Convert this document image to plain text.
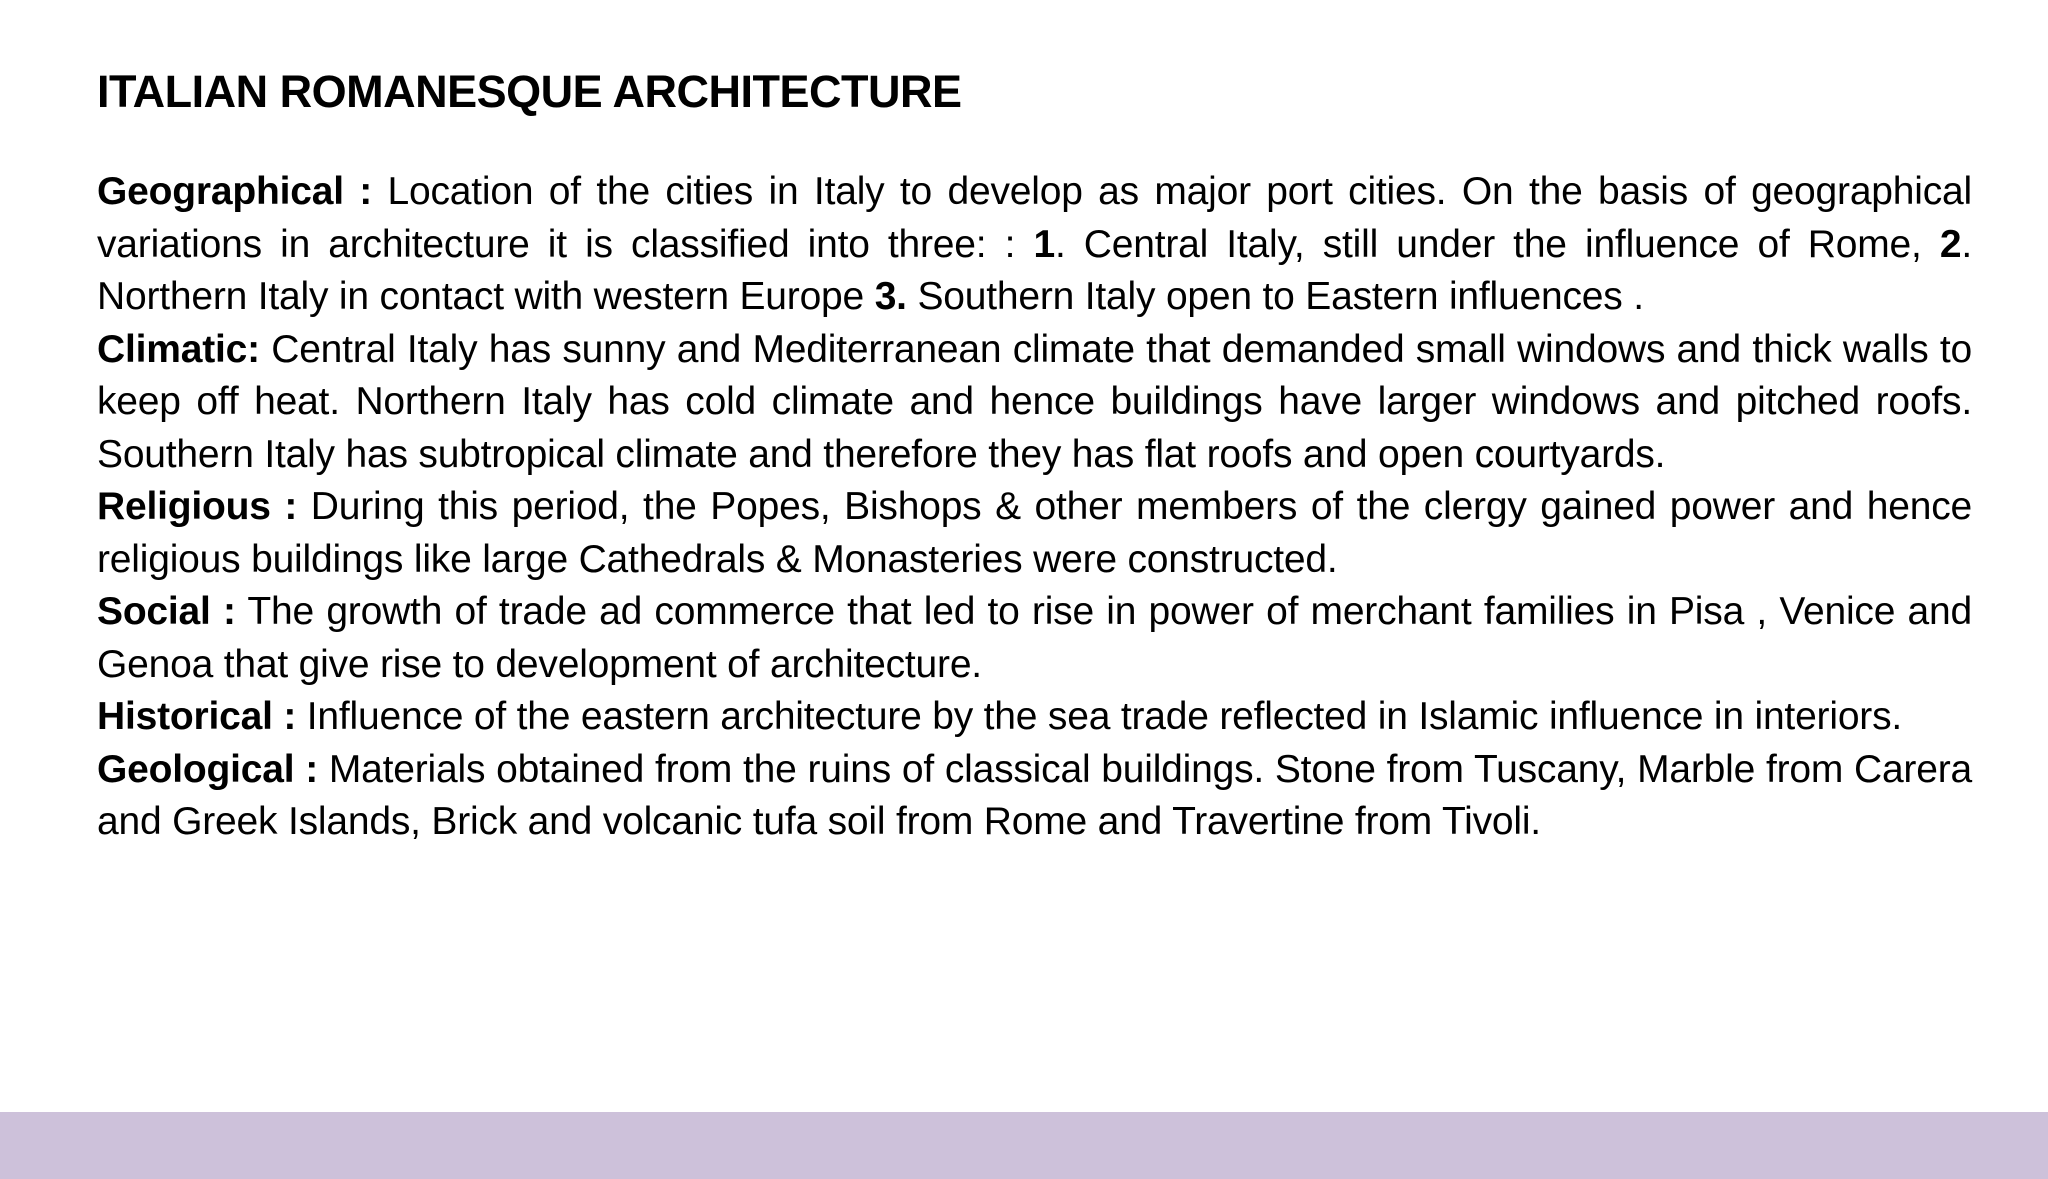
ITALIAN ROMANESQUE ARCHITECTURE

Geographical : Location of the cities in Italy to develop as major port cities. On the basis of geographical variations in architecture it is classified into three: : 1. Central Italy, still under the influence of Rome, 2. Northern Italy in contact with western Europe 3. Southern Italy open to Eastern influences .

Climatic: Central Italy has sunny and Mediterranean climate that demanded small windows and thick walls to keep off heat. Northern Italy has cold climate and hence buildings have larger windows and pitched roofs. Southern Italy has subtropical climate and therefore they has flat roofs and open courtyards.

Religious : During this period, the Popes, Bishops & other members of the clergy gained power and hence religious buildings like large Cathedrals & Monasteries were constructed.

Social : The growth of trade ad commerce that led to rise in power of merchant families in Pisa , Venice and Genoa that give rise to development of architecture.

Historical : Influence of the eastern architecture by the sea trade reflected in Islamic influence in interiors.

Geological : Materials obtained from the ruins of classical buildings. Stone from Tuscany, Marble from Carera and Greek Islands, Brick and volcanic tufa soil from Rome and Travertine from Tivoli.
